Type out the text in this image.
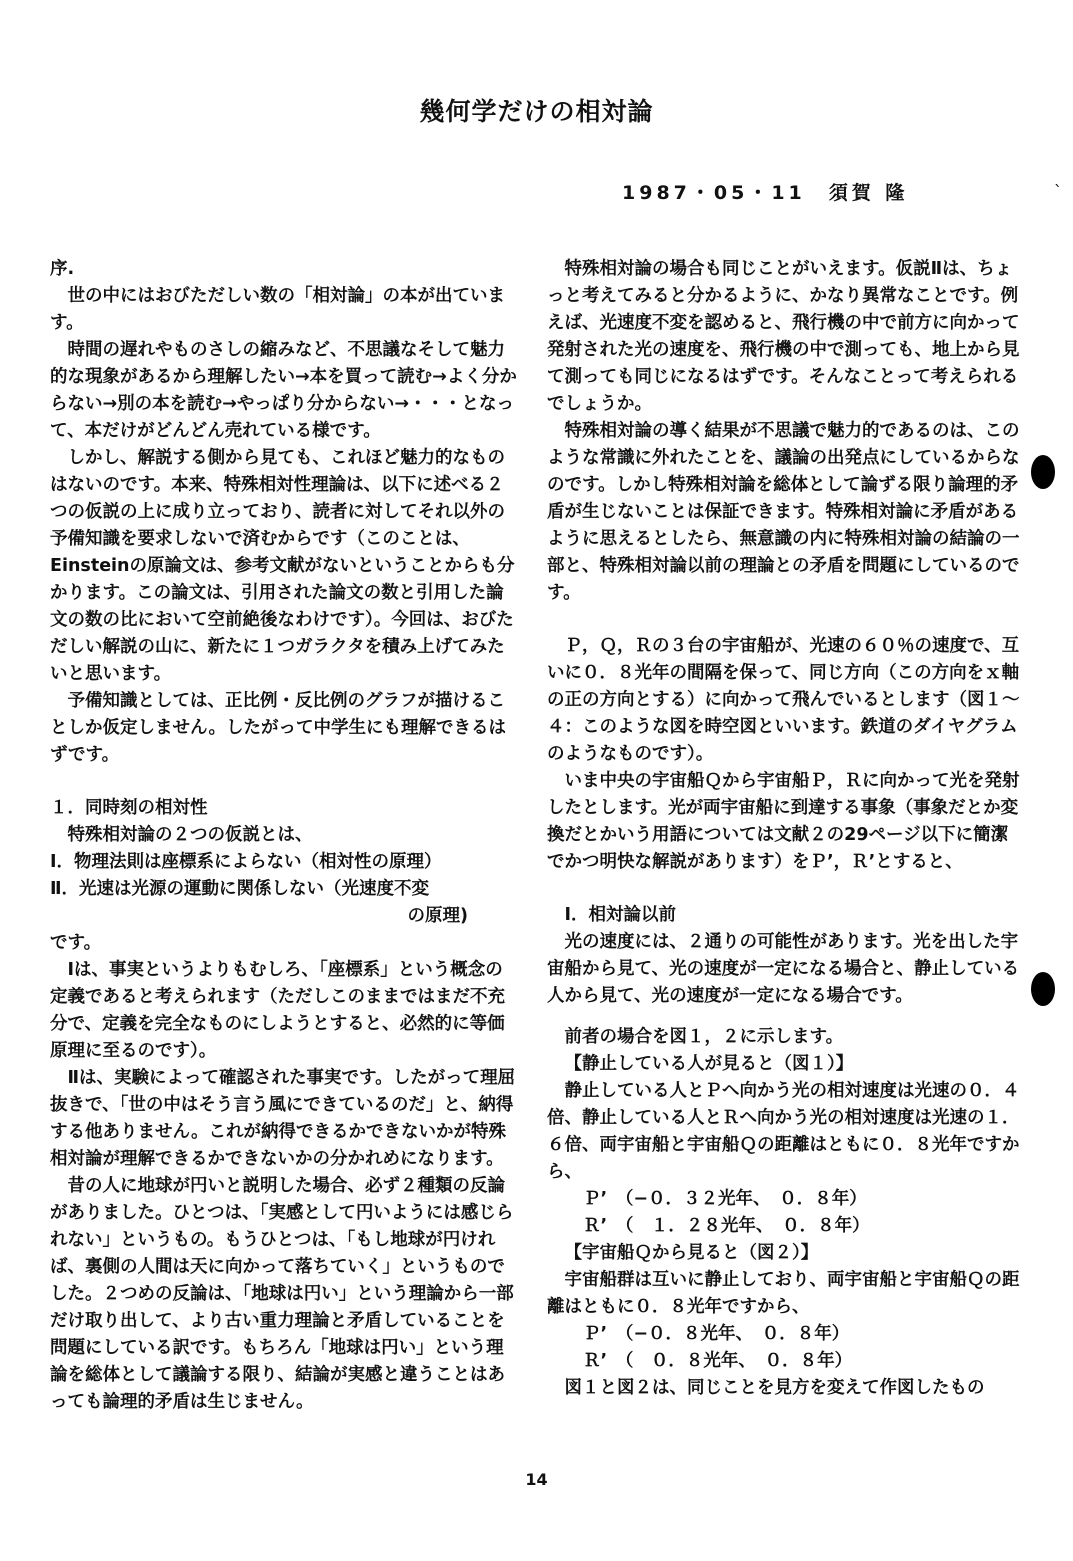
幾何学だけの相対論
1987・05・11　須賀 隆	ˋ

序.

世の中にはおびただしい数の「相対論」の本が出ています。

時間の遅れやものさしの縮みなど、不思議なそして魅力的な現象があるから理解したい→本を買って読む→よく分からない→別の本を読む→やっぱり分からない→・・・となって、本だけがどんどん売れている様です。

しかし、解説する側から見ても、これほど魅力的なものはないのです。本来、特殊相対性理論は、以下に述べる２つの仮説の上に成り立っており、読者に対してそれ以外の予備知識を要求しないで済むからです（このことは、Einsteinの原論文は、参考文献がないということからも分かります。この論文は、引用された論文の数と引用した論文の数の比において空前絶後なわけです）。今回は、おびただしい解説の山に、新たに１つガラクタを積み上げてみたいと思います。

予備知識としては、正比例・反比例のグラフが描けることしか仮定しません。したがって中学生にも理解できるはずです。

１．同時刻の相対性

特殊相対論の２つの仮説とは、

Ⅰ．物理法則は座標系によらない（相対性の原理）

Ⅱ．光速は光源の運動に関係しない（光速度不変

の原理)

です。

Ⅰは、事実というよりもむしろ、「座標系」という概念の定義であると考えられます（ただしこのままではまだ不充分で、定義を完全なものにしようとすると、必然的に等価原理に至るのです）。

Ⅱは、実験によって確認された事実です。したがって理屈抜きで、「世の中はそう言う風にできているのだ」と、納得する他ありません。これが納得できるかできないかが特殊相対論が理解できるかできないかの分かれめになります。

昔の人に地球が円いと説明した場合、必ず２種類の反論がありました。ひとつは、「実感として円いようには感じられない」というもの。もうひとつは、「もし地球が円ければ、裏側の人間は天に向かって落ちていく」というものでした。２つめの反論は、「地球は円い」という理論から一部だけ取り出して、より古い重力理論と矛盾していることを問題にしている訳です。もちろん「地球は円い」という理論を総体として議論する限り、結論が実感と違うことはあっても論理的矛盾は生じません。

特殊相対論の場合も同じことがいえます。仮説Ⅱは、ちょっと考えてみると分かるように、かなり異常なことです。例えば、光速度不変を認めると、飛行機の中で前方に向かって発射された光の速度を、飛行機の中で測っても、地上から見て測っても同じになるはずです。そんなことって考えられるでしょうか。

特殊相対論の導く結果が不思議で魅力的であるのは、このような常識に外れたことを、議論の出発点にしているからなのです。しかし特殊相対論を総体として論ずる限り論理的矛盾が生じないことは保証できます。特殊相対論に矛盾があるように思えるとしたら、無意識の内に特殊相対論の結論の一部と、特殊相対論以前の理論との矛盾を問題にしているのです。

Ｐ，Ｑ，Ｒの３台の宇宙船が、光速の６０％の速度で、互いに０．８光年の間隔を保って、同じ方向（この方向をｘ軸の正の方向とする）に向かって飛んでいるとします（図１～４：このような図を時空図といいます。鉄道のダイヤグラムのようなものです）。

いま中央の宇宙船Ｑから宇宙船Ｐ，Ｒに向かって光を発射したとします。光が両宇宙船に到達する事象（事象だとか変換だとかいう用語については文献２の29ページ以下に簡潔でかつ明快な解説があります）をＰ’，Ｒ’とすると、

Ⅰ．相対論以前

光の速度には、２通りの可能性があります。光を出した宇宙船から見て、光の速度が一定になる場合と、静止している人から見て、光の速度が一定になる場合です。

前者の場合を図１，２に示します。

【静止している人が見ると（図１）】

静止している人とＰへ向かう光の相対速度は光速の０．４倍、静止している人とＲへ向かう光の相対速度は光速の１．６倍、両宇宙船と宇宙船Ｑの距離はともに０．８光年ですから、

Ｐ’　（−０．３２光年、　０．８年）

Ｒ’　（　１．２８光年、　０．８年）

【宇宙船Ｑから見ると（図２）】

宇宙船群は互いに静止しており、両宇宙船と宇宙船Ｑの距離はともに０．８光年ですから、

Ｐ’　（−０．８光年、　０．８年）

Ｒ’　（　０．８光年、　０．８年）

図１と図２は、同じことを見方を変えて作図したもの

14
